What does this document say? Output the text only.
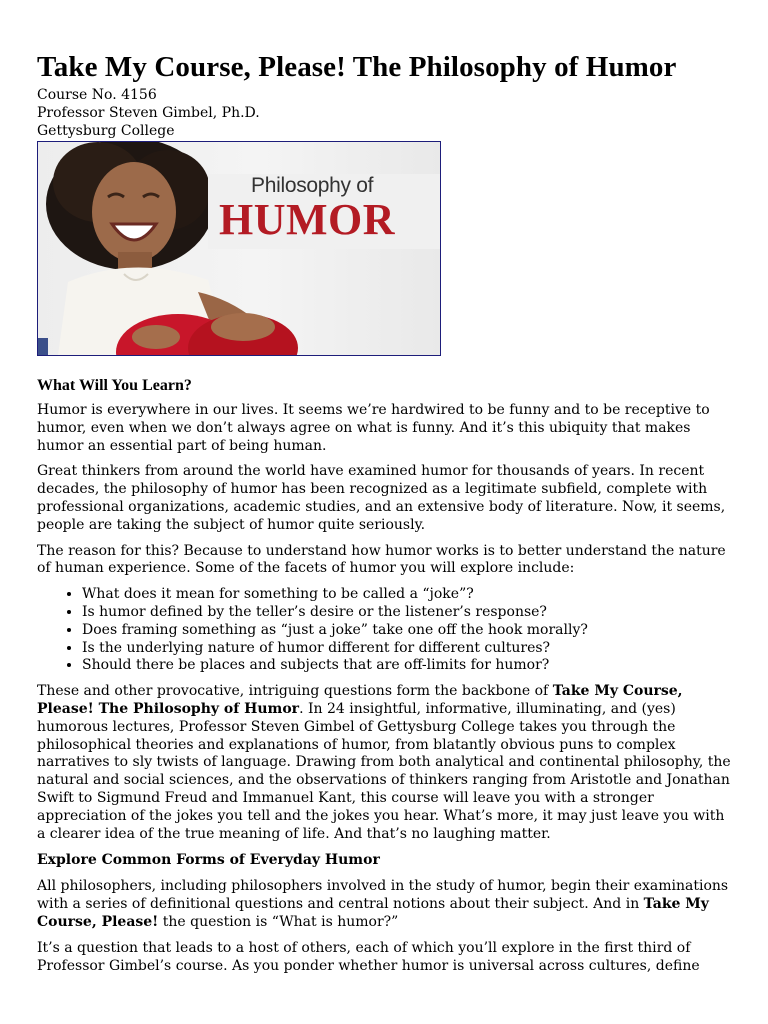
Take My Course, Please! The Philosophy of Humor

Course No. 4156

Professor Steven Gimbel, Ph.D.

Gettysburg College

Philosophy of
HUMOR
What Will You Learn?

Humor is everywhere in our lives. It seems we’re hardwired to be funny and to be receptive to humor, even when we don’t always agree on what is funny. And it’s this ubiquity that makes humor an essential part of being human.

Great thinkers from around the world have examined humor for thousands of years. In recent decades, the philosophy of humor has been recognized as a legitimate subfield, complete with professional organizations, academic studies, and an extensive body of literature. Now, it seems, people are taking the subject of humor quite seriously.

The reason for this? Because to understand how humor works is to better understand the nature of human experience. Some of the facets of humor you will explore include:

• What does it mean for something to be called a “joke”?
• Is humor defined by the teller’s desire or the listener’s response?
• Does framing something as “just a joke” take one off the hook morally?
• Is the underlying nature of humor different for different cultures?
• Should there be places and subjects that are off-limits for humor?

These and other provocative, intriguing questions form the backbone of Take My Course, Please! The Philosophy of Humor. In 24 insightful, informative, illuminating, and (yes) humorous lectures, Professor Steven Gimbel of Gettysburg College takes you through the philosophical theories and explanations of humor, from blatantly obvious puns to complex narratives to sly twists of language. Drawing from both analytical and continental philosophy, the natural and social sciences, and the observations of thinkers ranging from Aristotle and Jonathan Swift to Sigmund Freud and Immanuel Kant, this course will leave you with a stronger appreciation of the jokes you tell and the jokes you hear. What’s more, it may just leave you with a clearer idea of the true meaning of life. And that’s no laughing matter.

Explore Common Forms of Everyday Humor

All philosophers, including philosophers involved in the study of humor, begin their examinations with a series of definitional questions and central notions about their subject. And in Take My Course, Please! the question is “What is humor?”

It’s a question that leads to a host of others, each of which you’ll explore in the first third of Professor Gimbel’s course. As you ponder whether humor is universal across cultures, define
